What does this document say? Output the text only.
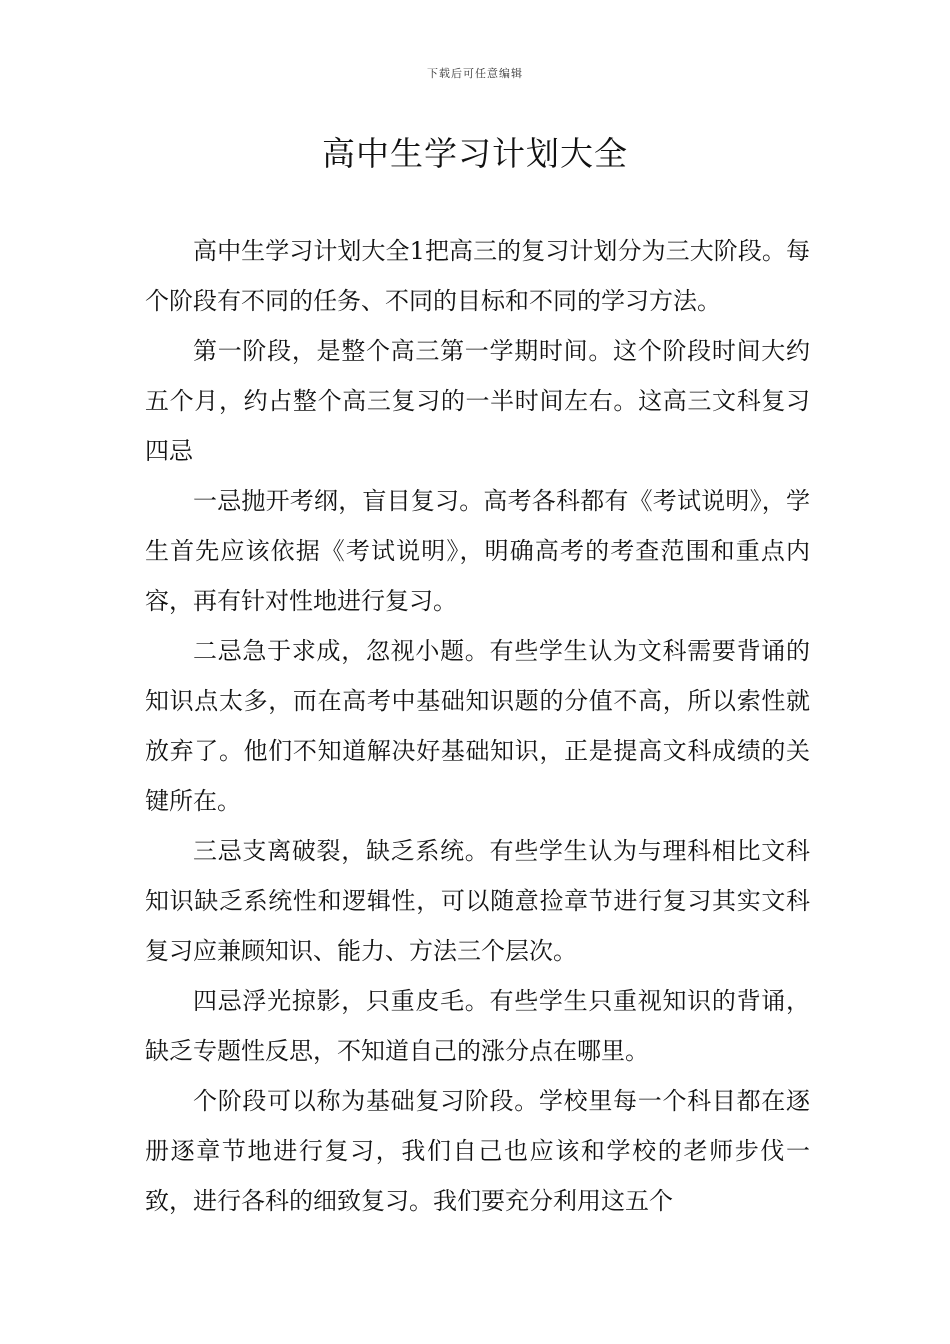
下载后可任意编辑
高中生学习计划大全

高中生学习计划大全1把高三的复习计划分为三大阶段。每个阶段有不同的任务、不同的目标和不同的学习方法。

第一阶段，是整个高三第一学期时间。这个阶段时间大约五个月，约占整个高三复习的一半时间左右。这高三文科复习四忌

一忌抛开考纲，盲目复习。高考各科都有《考试说明》，学生首先应该依据《考试说明》，明确高考的考查范围和重点内容，再有针对性地进行复习。

二忌急于求成，忽视小题。有些学生认为文科需要背诵的知识点太多，而在高考中基础知识题的分值不高，所以索性就放弃了。他们不知道解决好基础知识，正是提高文科成绩的关键所在。

三忌支离破裂，缺乏系统。有些学生认为与理科相比文科知识缺乏系统性和逻辑性，可以随意捡章节进行复习其实文科复习应兼顾知识、能力、方法三个层次。

四忌浮光掠影，只重皮毛。有些学生只重视知识的背诵，缺乏专题性反思，不知道自己的涨分点在哪里。

个阶段可以称为基础复习阶段。学校里每一个科目都在逐册逐章节地进行复习，我们自己也应该和学校的老师步伐一致，进行各科的细致复习。我们要充分利用这五个
